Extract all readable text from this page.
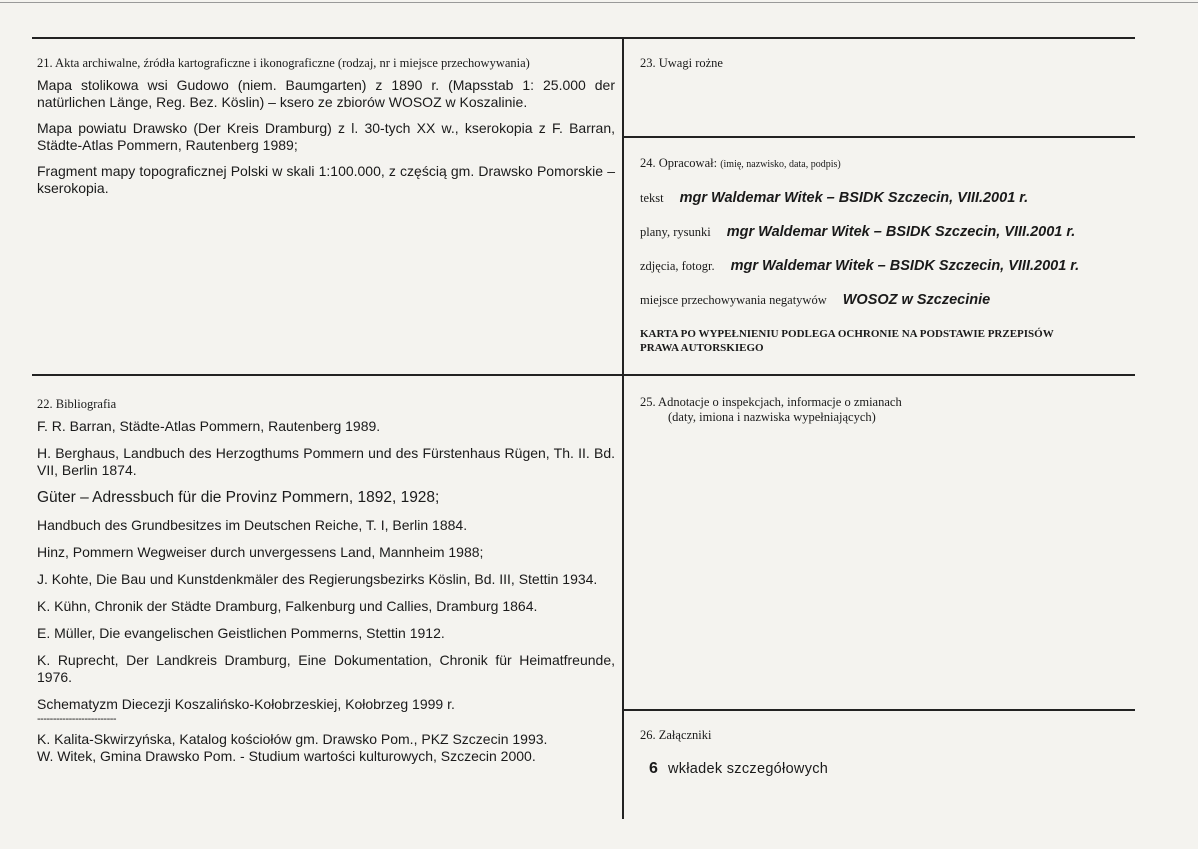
21. Akta archiwalne, źródła kartograficzne i ikonograficzne (rodzaj, nr i miejsce przechowywania)

Mapa stolikowa wsi Gudowo (niem. Baumgarten) z 1890 r. (Mapsstab 1: 25.000 der natürlichen Länge, Reg. Bez. Köslin) – ksero ze zbiorów WOSOZ w Koszalinie.

Mapa powiatu Drawsko (Der Kreis Dramburg) z l. 30-tych XX w., kserokopia z F. Barran, Städte-Atlas Pommern, Rautenberg 1989;

Fragment mapy topograficznej Polski w skali 1:100.000, z częścią gm. Drawsko Pomorskie – kserokopia.

23. Uwagi rożne
24. Opracował: (imię, nazwisko, data, podpis)
tekst mgr Waldemar Witek – BSIDK Szczecin, VIII.2001 r.
plany, rysunki mgr Waldemar Witek – BSIDK Szczecin, VIII.2001 r.
zdjęcia, fotogr. mgr Waldemar Witek – BSIDK Szczecin, VIII.2001 r.
miejsce przechowywania negatywów WOSOZ w Szczecinie
KARTA PO WYPEŁNIENIU PODLEGA OCHRONIE NA PODSTAWIE PRZEPISÓW
PRAWA AUTORSKIEGO
22. Bibliografia

F. R. Barran, Städte-Atlas Pommern, Rautenberg 1989.

H. Berghaus, Landbuch des Herzogthums Pommern und des Fürstenhaus Rügen, Th. II. Bd. VII, Berlin 1874.

Güter – Adressbuch für die Provinz Pommern, 1892, 1928;

Handbuch des Grundbesitzes im Deutschen Reiche, T. I, Berlin 1884.

Hinz, Pommern Wegweiser durch unvergessens Land, Mannheim 1988;

J. Kohte, Die Bau und Kunstdenkmäler des Regierungsbezirks Köslin, Bd. III, Stettin 1934.

K. Kühn, Chronik der Städte Dramburg, Falkenburg und Callies, Dramburg 1864.

E. Müller, Die evangelischen Geistlichen Pommerns, Stettin 1912.

K. Ruprecht, Der Landkreis Dramburg, Eine Dokumentation, Chronik für Heimatfreunde, 1976.

Schematyzm Diecezji Koszalińsko-Kołobrzeskiej, Kołobrzeg 1999 r.

-------------------------

K. Kalita-Skwirzyńska, Katalog kościołów gm. Drawsko Pom., PKZ Szczecin 1993.

W. Witek, Gmina Drawsko Pom. - Studium wartości kulturowych, Szczecin 2000.

25. Adnotacje o inspekcjach, informacje o zmianach
(daty, imiona i nazwiska wypełniających)
26. Załączniki
6 wkładek szczegółowych
